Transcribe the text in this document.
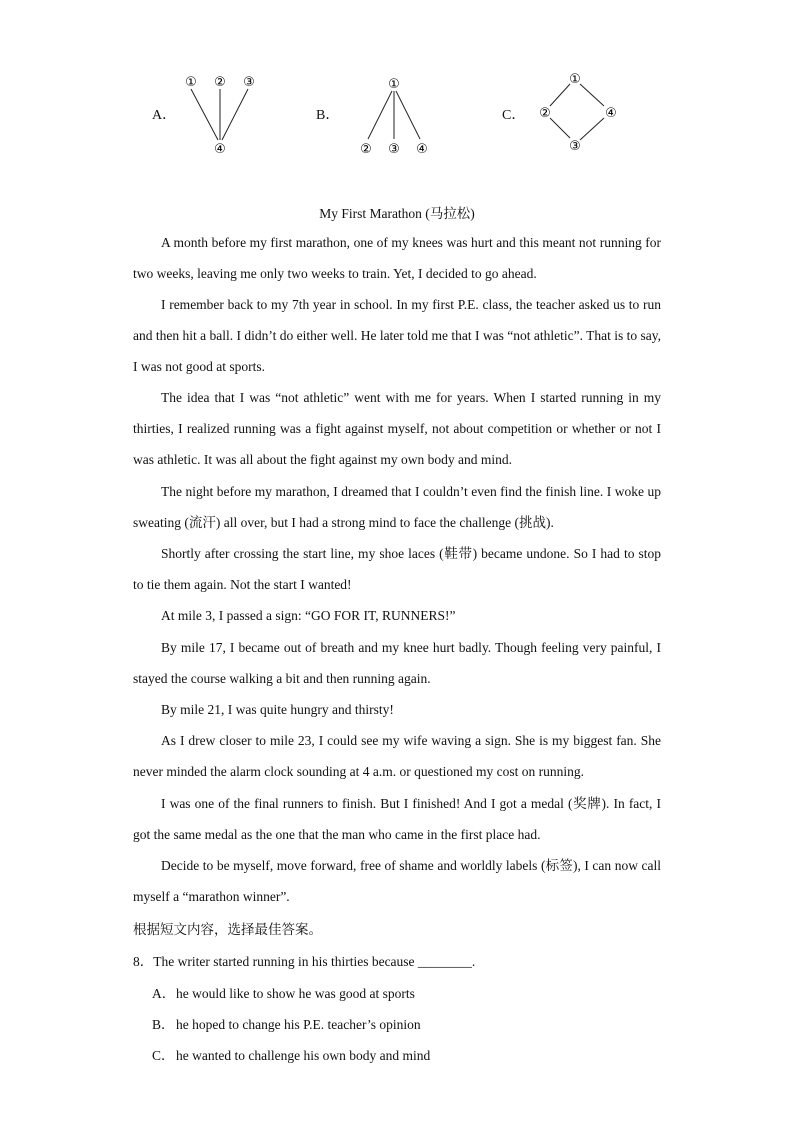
A．	B．	C．
① ② ③
④
①
② ③ ④
①
②
③
④
My First Marathon (马拉松)

A month before my first marathon, one of my knees was hurt and this meant not running for two weeks, leaving me only two weeks to train. Yet, I decided to go ahead.

I remember back to my 7th year in school. In my first P.E. class, the teacher asked us to run and then hit a ball. I didn’t do either well. He later told me that I was “not athletic”. That is to say, I was not good at sports.

The idea that I was “not athletic” went with me for years. When I started running in my thirties, I realized running was a fight against myself, not about competition or whether or not I was athletic. It was all about the fight against my own body and mind.

The night before my marathon, I dreamed that I couldn’t even find the finish line. I woke up sweating (流汗) all over, but I had a strong mind to face the challenge (挑战).

Shortly after crossing the start line, my shoe laces (鞋带) became undone. So I had to stop to tie them again. Not the start I wanted!

At mile 3, I passed a sign: “GO FOR IT, RUNNERS!”

By mile 17, I became out of breath and my knee hurt badly. Though feeling very painful, I stayed the course walking a bit and then running again.

By mile 21, I was quite hungry and thirsty!

As I drew closer to mile 23, I could see my wife waving a sign. She is my biggest fan. She never minded the alarm clock sounding at 4 a.m. or questioned my cost on running.

I was one of the final runners to finish. But I finished! And I got a medal (奖牌). In fact, I got the same medal as the one that the man who came in the first place had.

Decide to be myself, move forward, free of shame and worldly labels (标签), I can now call myself a “marathon winner”.

根据短文内容，选择最佳答案。
8．The writer started running in his thirties because ________.
A．he would like to show he was good at sports
B．he hoped to change his P.E. teacher’s opinion
C．he wanted to challenge his own body and mind
